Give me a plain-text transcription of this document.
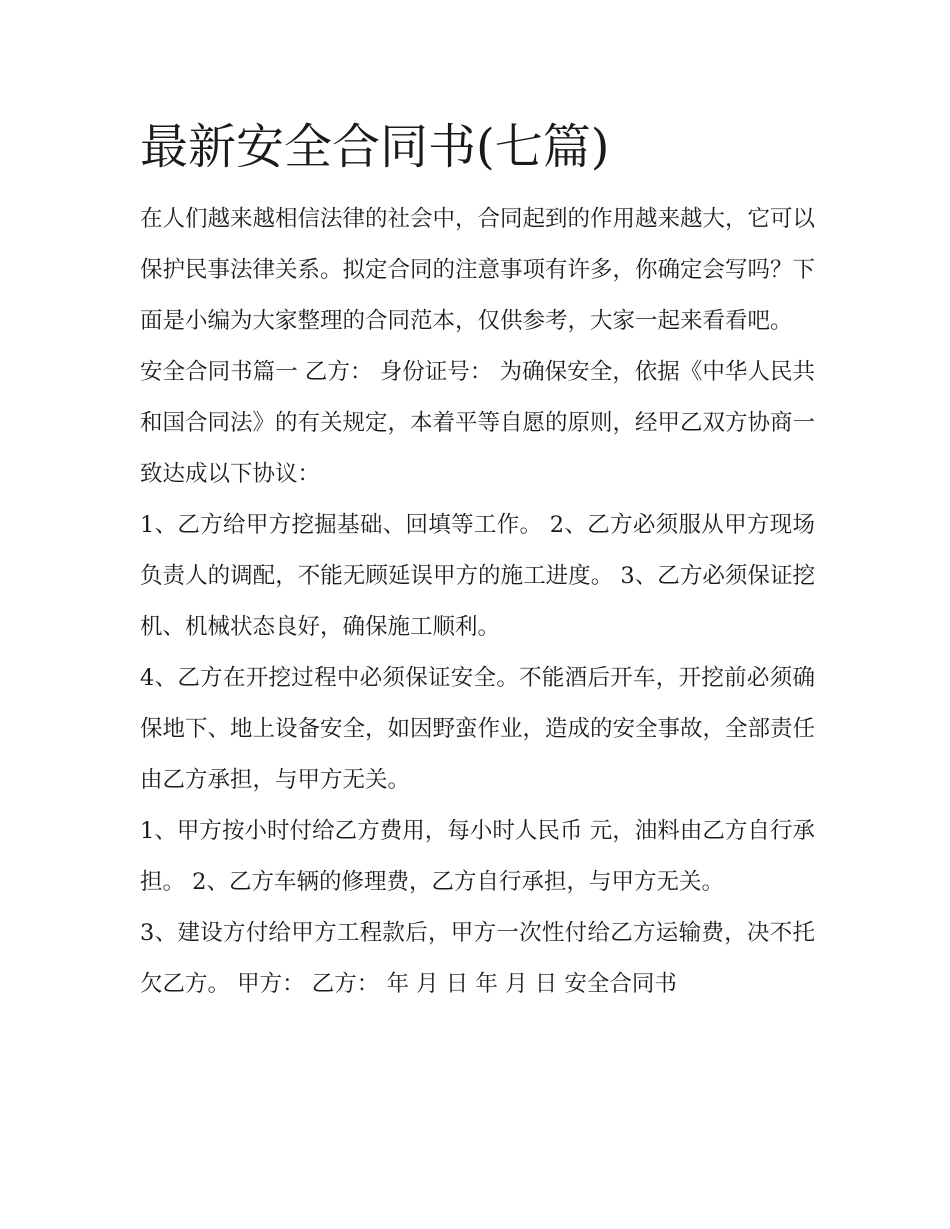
最新安全合同书(七篇)

在人们越来越相信法律的社会中，合同起到的作用越来越大，它可以保护民事法律关系。拟定合同的注意事项有许多，你确定会写吗？下面是小编为大家整理的合同范本，仅供参考，大家一起来看看吧。

安全合同书篇一 乙方： 身份证号： 为确保安全，依据《中华人民共和国合同法》的有关规定，本着平等自愿的原则，经甲乙双方协商一致达成以下协议：

1、乙方给甲方挖掘基础、回填等工作。 2、乙方必须服从甲方现场负责人的调配，不能无顾延误甲方的施工进度。 3、乙方必须保证挖机、机械状态良好，确保施工顺利。

4、乙方在开挖过程中必须保证安全。不能酒后开车，开挖前必须确保地下、地上设备安全，如因野蛮作业，造成的安全事故，全部责任由乙方承担，与甲方无关。

1、甲方按小时付给乙方费用，每小时人民币 元，油料由乙方自行承担。 2、乙方车辆的修理费，乙方自行承担，与甲方无关。

3、建设方付给甲方工程款后，甲方一次性付给乙方运输费，决不托欠乙方。 甲方： 乙方： 年 月 日 年 月 日 安全合同书
